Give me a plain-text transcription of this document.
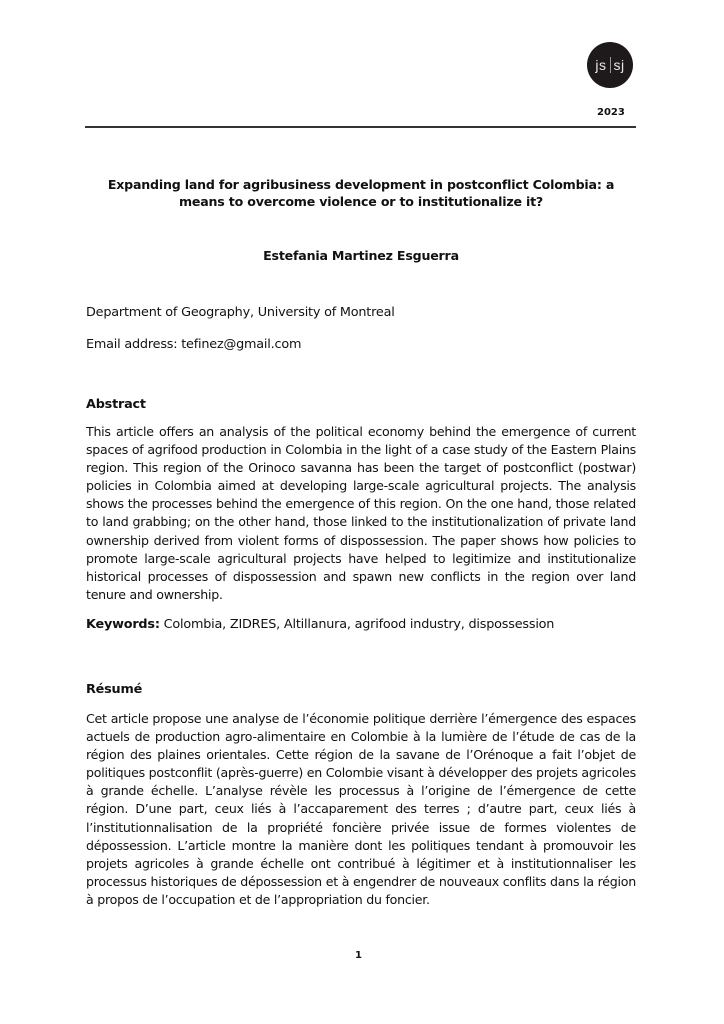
js sj
2023
Expanding land for agribusiness development in postconflict Colombia: a means to overcome violence or to institutionalize it?
Estefania Martinez Esguerra
Department of Geography, University of Montreal
Email address: tefinez@gmail.com
Abstract

This article offers an analysis of the political economy behind the emergence of current spaces of agrifood production in Colombia in the light of a case study of the Eastern Plains region. This region of the Orinoco savanna has been the target of postconflict (postwar) policies in Colombia aimed at developing large-scale agricultural projects. The analysis shows the processes behind the emergence of this region. On the one hand, those related to land grabbing; on the other hand, those linked to the institutionalization of private land ownership derived from violent forms of dispossession. The paper shows how policies to promote large-scale agricultural projects have helped to legitimize and institutionalize historical processes of dispossession and spawn new conflicts in the region over land tenure and ownership.

Keywords: Colombia, ZIDRES, Altillanura, agrifood industry, dispossession
Résumé

Cet article propose une analyse de l’économie politique derrière l’émergence des espaces actuels de production agro-alimentaire en Colombie à la lumière de l’étude de cas de la région des plaines orientales. Cette région de la savane de l’Orénoque a fait l’objet de politiques postconflit (après-guerre) en Colombie visant à développer des projets agricoles à grande échelle. L’analyse révèle les processus à l’origine de l’émergence de cette région. D’une part, ceux liés à l’accaparement des terres ; d’autre part, ceux liés à l’institutionnalisation de la propriété foncière privée issue de formes violentes de dépossession. L’article montre la manière dont les politiques tendant à promouvoir les projets agricoles à grande échelle ont contribué à légitimer et à institutionnaliser les processus historiques de dépossession et à engendrer de nouveaux conflits dans la région à propos de l’occupation et de l’appropriation du foncier.

1
